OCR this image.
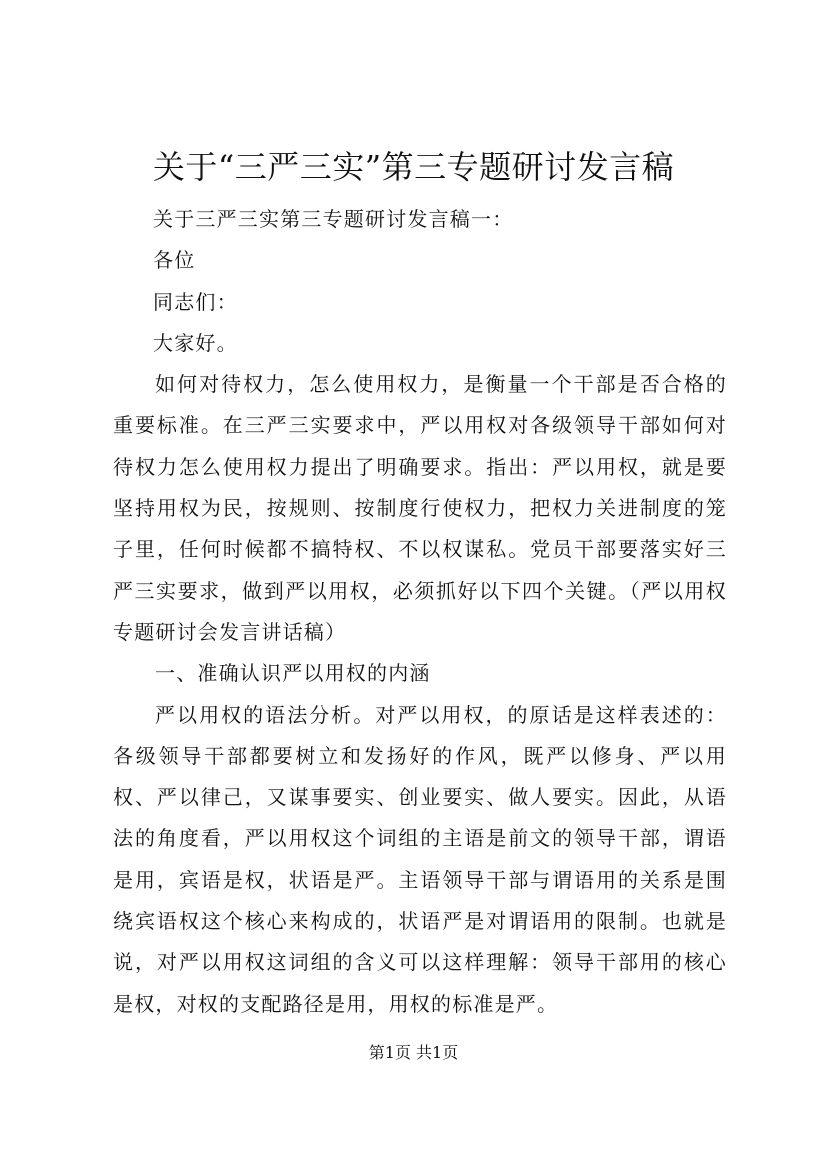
关于“三严三实”第三专题研讨发言稿

关于三严三实第三专题研讨发言稿一：

各位

同志们：

大家好。

如何对待权力，怎么使用权力，是衡量一个干部是否合格的重要标准。在三严三实要求中，严以用权对各级领导干部如何对待权力怎么使用权力提出了明确要求。指出：严以用权，就是要坚持用权为民，按规则、按制度行使权力，把权力关进制度的笼子里，任何时候都不搞特权、不以权谋私。党员干部要落实好三严三实要求，做到严以用权，必须抓好以下四个关键。（严以用权专题研讨会发言讲话稿）

一、准确认识严以用权的内涵

严以用权的语法分析。对严以用权，的原话是这样表述的：各级领导干部都要树立和发扬好的作风，既严以修身、严以用权、严以律己，又谋事要实、创业要实、做人要实。因此，从语法的角度看，严以用权这个词组的主语是前文的领导干部，谓语是用，宾语是权，状语是严。主语领导干部与谓语用的关系是围绕宾语权这个核心来构成的，状语严是对谓语用的限制。也就是说，对严以用权这词组的含义可以这样理解：领导干部用的核心是权，对权的支配路径是用，用权的标准是严。

第1页 共1页
